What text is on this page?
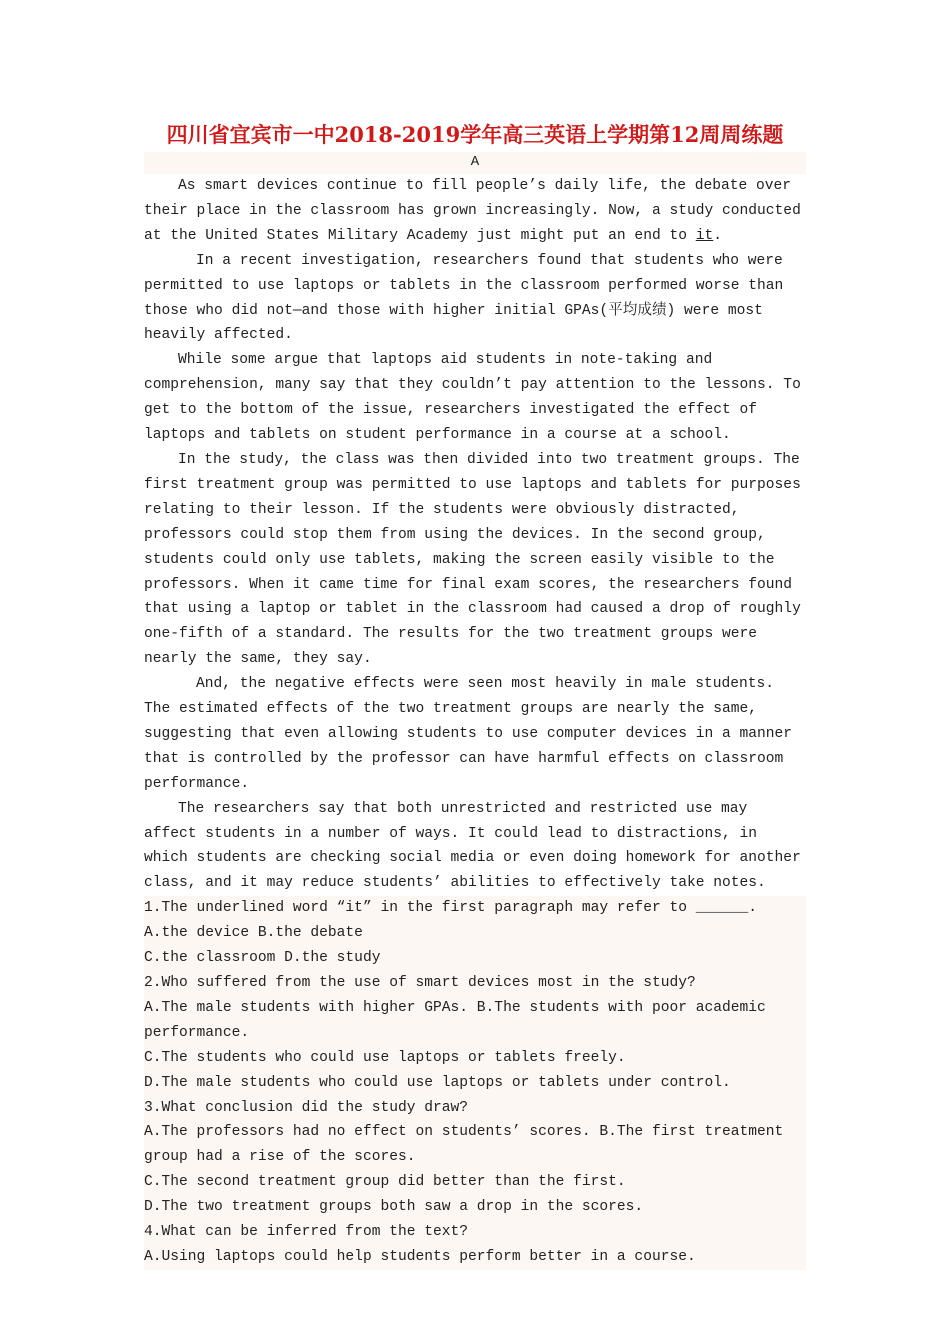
四川省宜宾市一中2018-2019学年高三英语上学期第12周周练题
A

As smart devices continue to fill people’s daily life, the debate over their place in the classroom has grown increasingly. Now, a study conducted at the United States Military Academy just might put an end to it.

In a recent investigation, researchers found that students who were permitted to use laptops or tablets in the classroom performed worse than those who did not—and those with higher initial GPAs(平均成绩) were most heavily affected.

While some argue that laptops aid students in note-taking and comprehension, many say that they couldn’t pay attention to the lessons. To get to the bottom of the issue, researchers investigated the effect of laptops and tablets on student performance in a course at a school.

In the study, the class was then divided into two treatment groups. The first treatment group was permitted to use laptops and tablets for purposes relating to their lesson. If the students were obviously distracted, professors could stop them from using the devices. In the second group, students could only use tablets, making the screen easily visible to the professors. When it came time for final exam scores, the researchers found that using a laptop or tablet in the classroom had caused a drop of roughly one-fifth of a standard. The results for the two treatment groups were nearly the same, they say.

And, the negative effects were seen most heavily in male students. The estimated effects of the two treatment groups are nearly the same, suggesting that even allowing students to use computer devices in a manner that is controlled by the professor can have harmful effects on classroom performance.

The researchers say that both unrestricted and restricted use may affect students in a number of ways. It could lead to distractions, in which students are checking social media or even doing homework for another class, and it may reduce students’ abilities to effectively take notes.

1.The underlined word “it” in the first paragraph may refer to ______.

A.the device B.the debate

C.the classroom D.the study

2.Who suffered from the use of smart devices most in the study?

A.The male students with higher GPAs. B.The students with poor academic performance.

C.The students who could use laptops or tablets freely.

D.The male students who could use laptops or tablets under control.

3.What conclusion did the study draw?

A.The professors had no effect on students’ scores. B.The first treatment group had a rise of the scores.

C.The second treatment group did better than the first.

D.The two treatment groups both saw a drop in the scores.

4.What can be inferred from the text?

A.Using laptops could help students perform better in a course.
